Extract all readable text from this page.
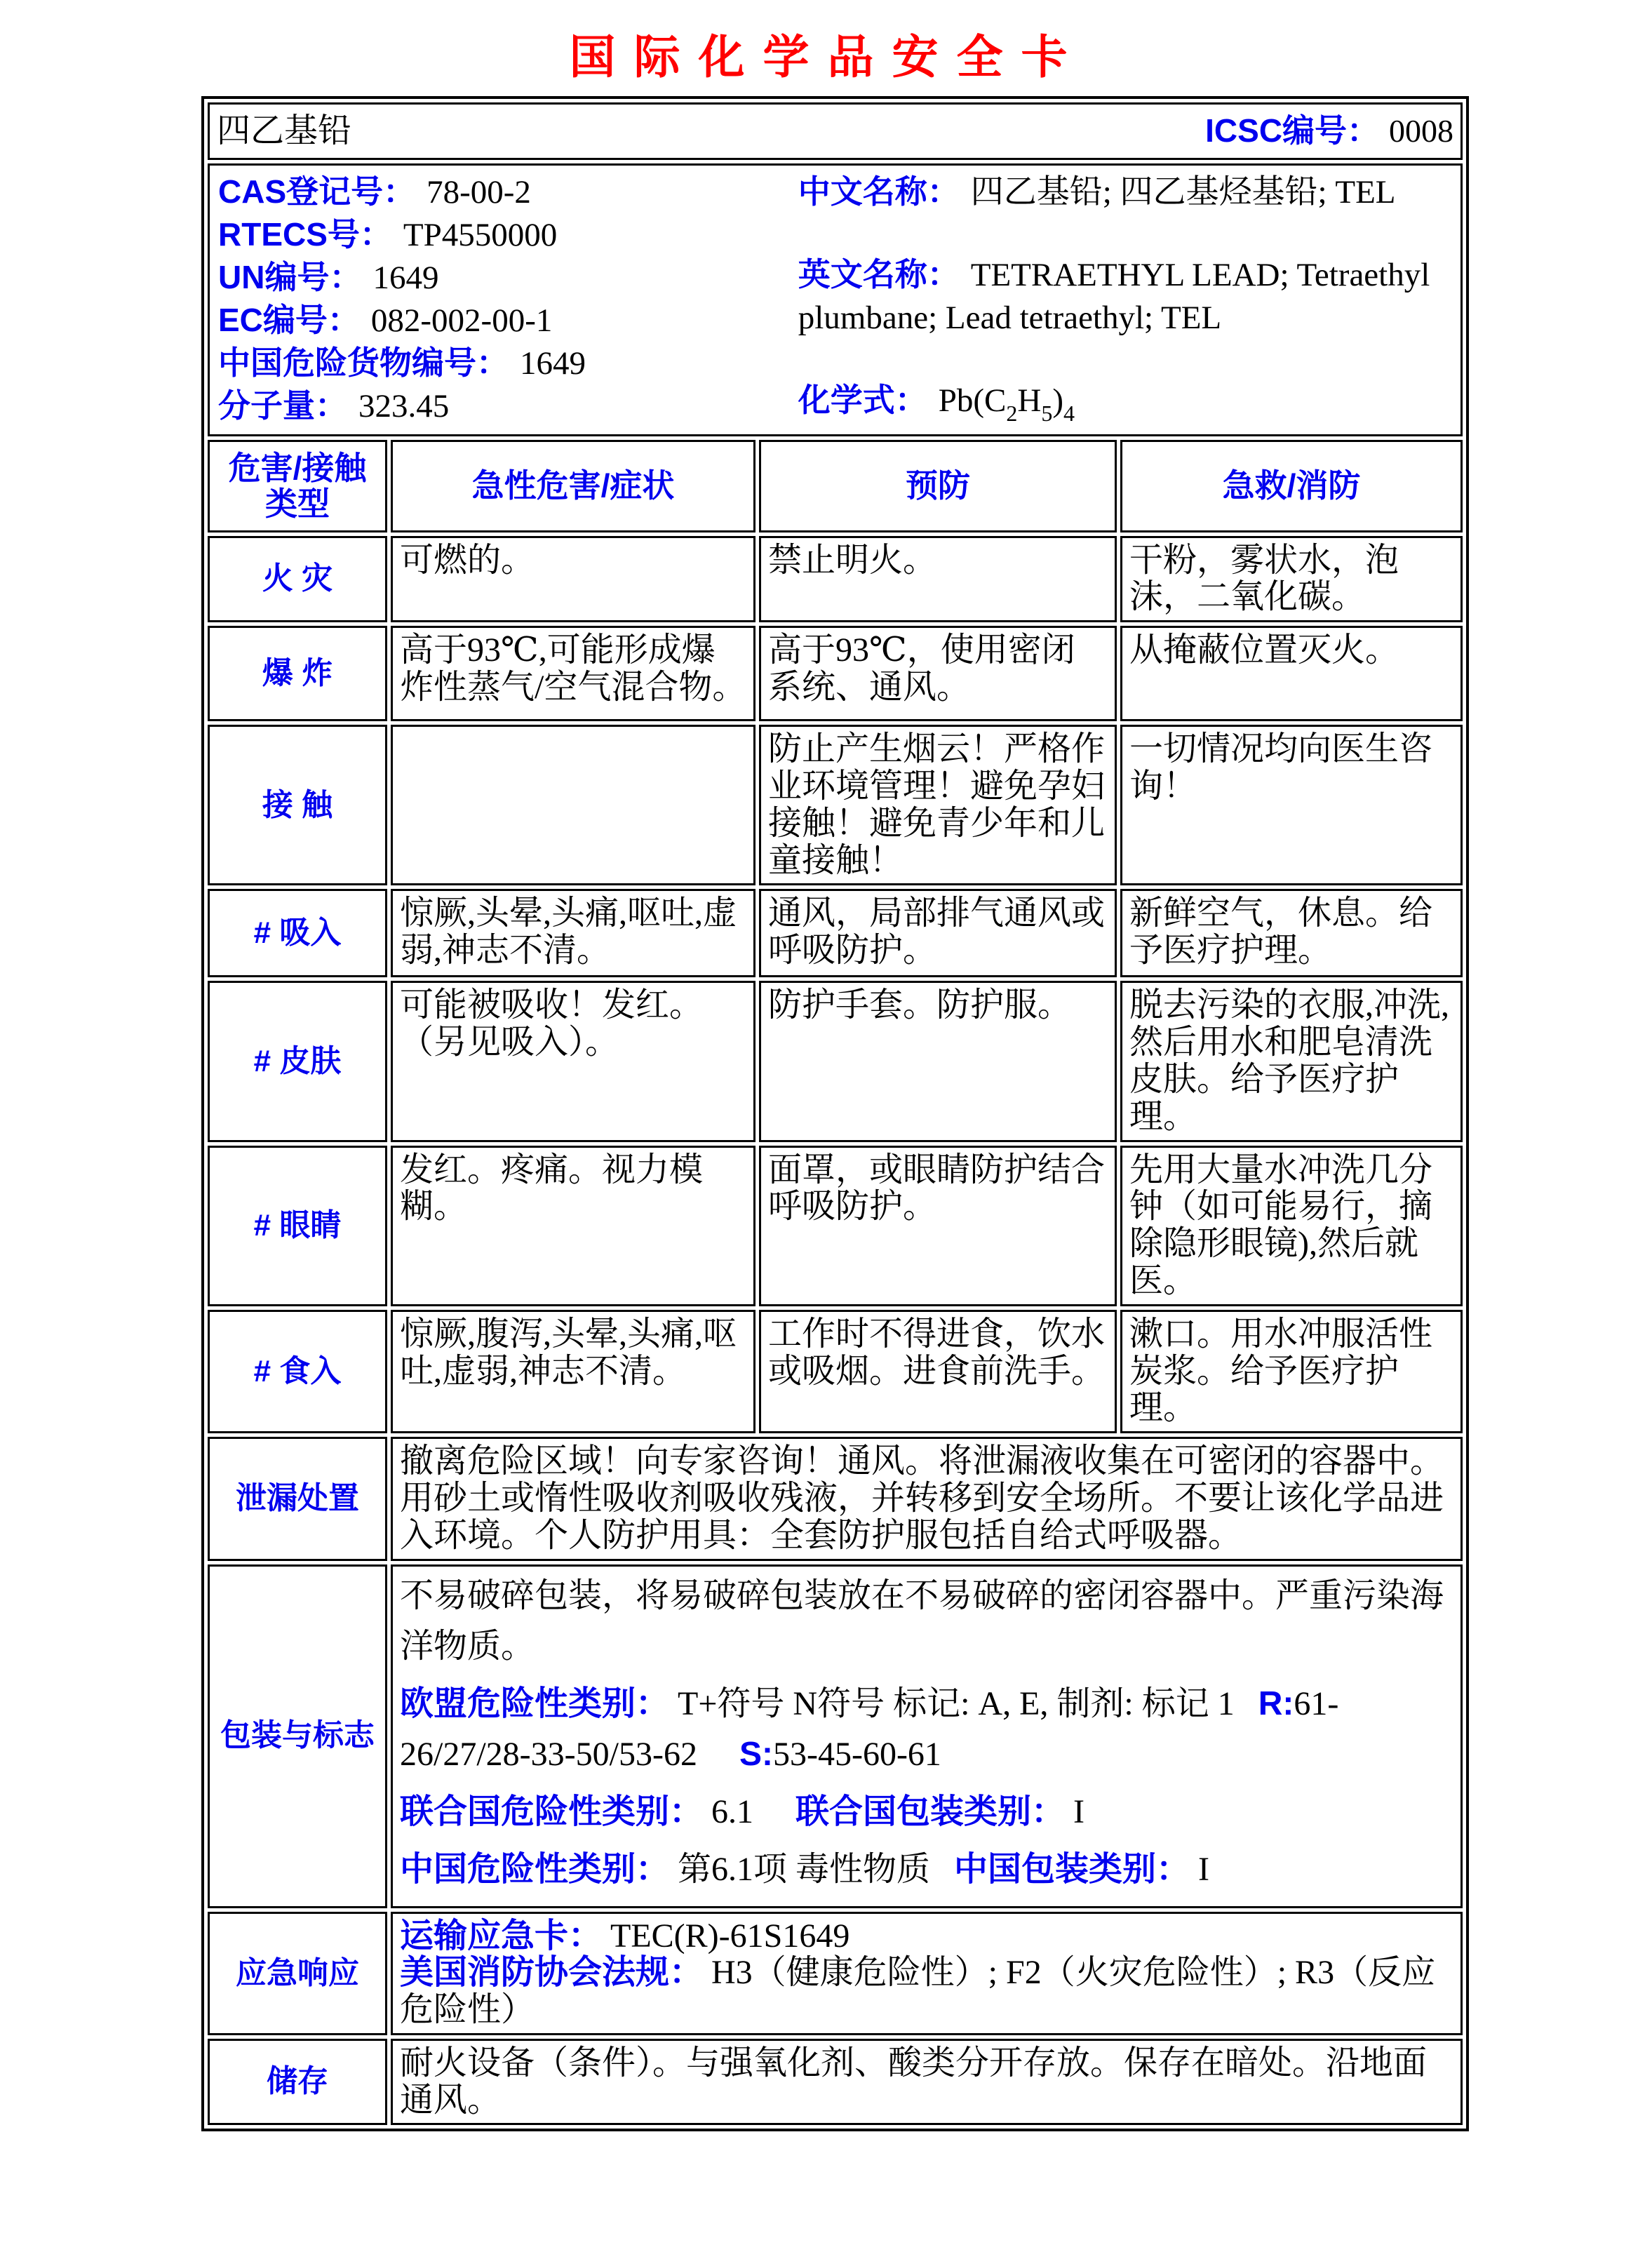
国际化学品安全卡
四乙基铅 ICSC编号： 0008			

CAS登记号： 78-00-2
RTECS号： TP4550000
UN编号： 1649
EC编号： 082-002-00-1
中国危险货物编号： 1649
分子量： 323.45
中文名称： 四乙基铅; 四乙基烃基铅; TEL
英文名称： TETRAETHYL LEAD; Tetraethyl plumbane; Lead tetraethyl; TEL
化学式： $Pb(C_2H_5)_4$

危害/接触类型	急性危害/症状	预防	急救/消防
火 灾	可燃的。	禁止明火。	干粉，雾状水，泡沫，二氧化碳。
爆 炸	高于93℃,可能形成爆炸性蒸气/空气混合物。	高于93℃，使用密闭系统、通风。	从掩蔽位置灭火。
接 触		防止产生烟云！严格作业环境管理！避免孕妇接触！避免青少年和儿童接触！	一切情况均向医生咨询！
# 吸入	惊厥,头晕,头痛,呕吐,虚弱,神志不清。	通风，局部排气通风或呼吸防护。	新鲜空气，休息。给予医疗护理。
# 皮肤	可能被吸收！发红。（另见吸入）。	防护手套。防护服。	脱去污染的衣服,冲洗,然后用水和肥皂清洗皮肤。给予医疗护理。
# 眼睛	发红。疼痛。视力模糊。	面罩，或眼睛防护结合呼吸防护。	先用大量水冲洗几分钟（如可能易行，摘除隐形眼镜),然后就医。
# 食入	惊厥,腹泻,头晕,头痛,呕吐,虚弱,神志不清。	工作时不得进食，饮水或吸烟。进食前洗手。	漱口。用水冲服活性炭浆。给予医疗护理。
泄漏处置	撤离危险区域！向专家咨询！通风。将泄漏液收集在可密闭的容器中。用砂土或惰性吸收剂吸收残液，并转移到安全场所。不要让该化学品进入环境。个人防护用具：全套防护服包括自给式呼吸器。		
包装与标志	不易破碎包装，将易破碎包装放在不易破碎的密闭容器中。严重污染海洋物质。

欧盟危险性类别： T+符号 N符号 标记: A, E, 制剂: 标记 1 R:61-26/27/28-33-50/53-62 S:53-45-60-61

联合国危险性类别： 6.1 联合国包装类别： I

中国危险性类别： 第6.1项 毒性物质 中国包装类别： I		

应急响应	运输应急卡： TEC(R)-61S1649
美国消防协会法规： H3（健康危险性）; F2（火灾危险性）; R3（反应危险性）		

储存	耐火设备（条件）。与强氧化剂、酸类分开存放。保存在暗处。沿地面通风。		
